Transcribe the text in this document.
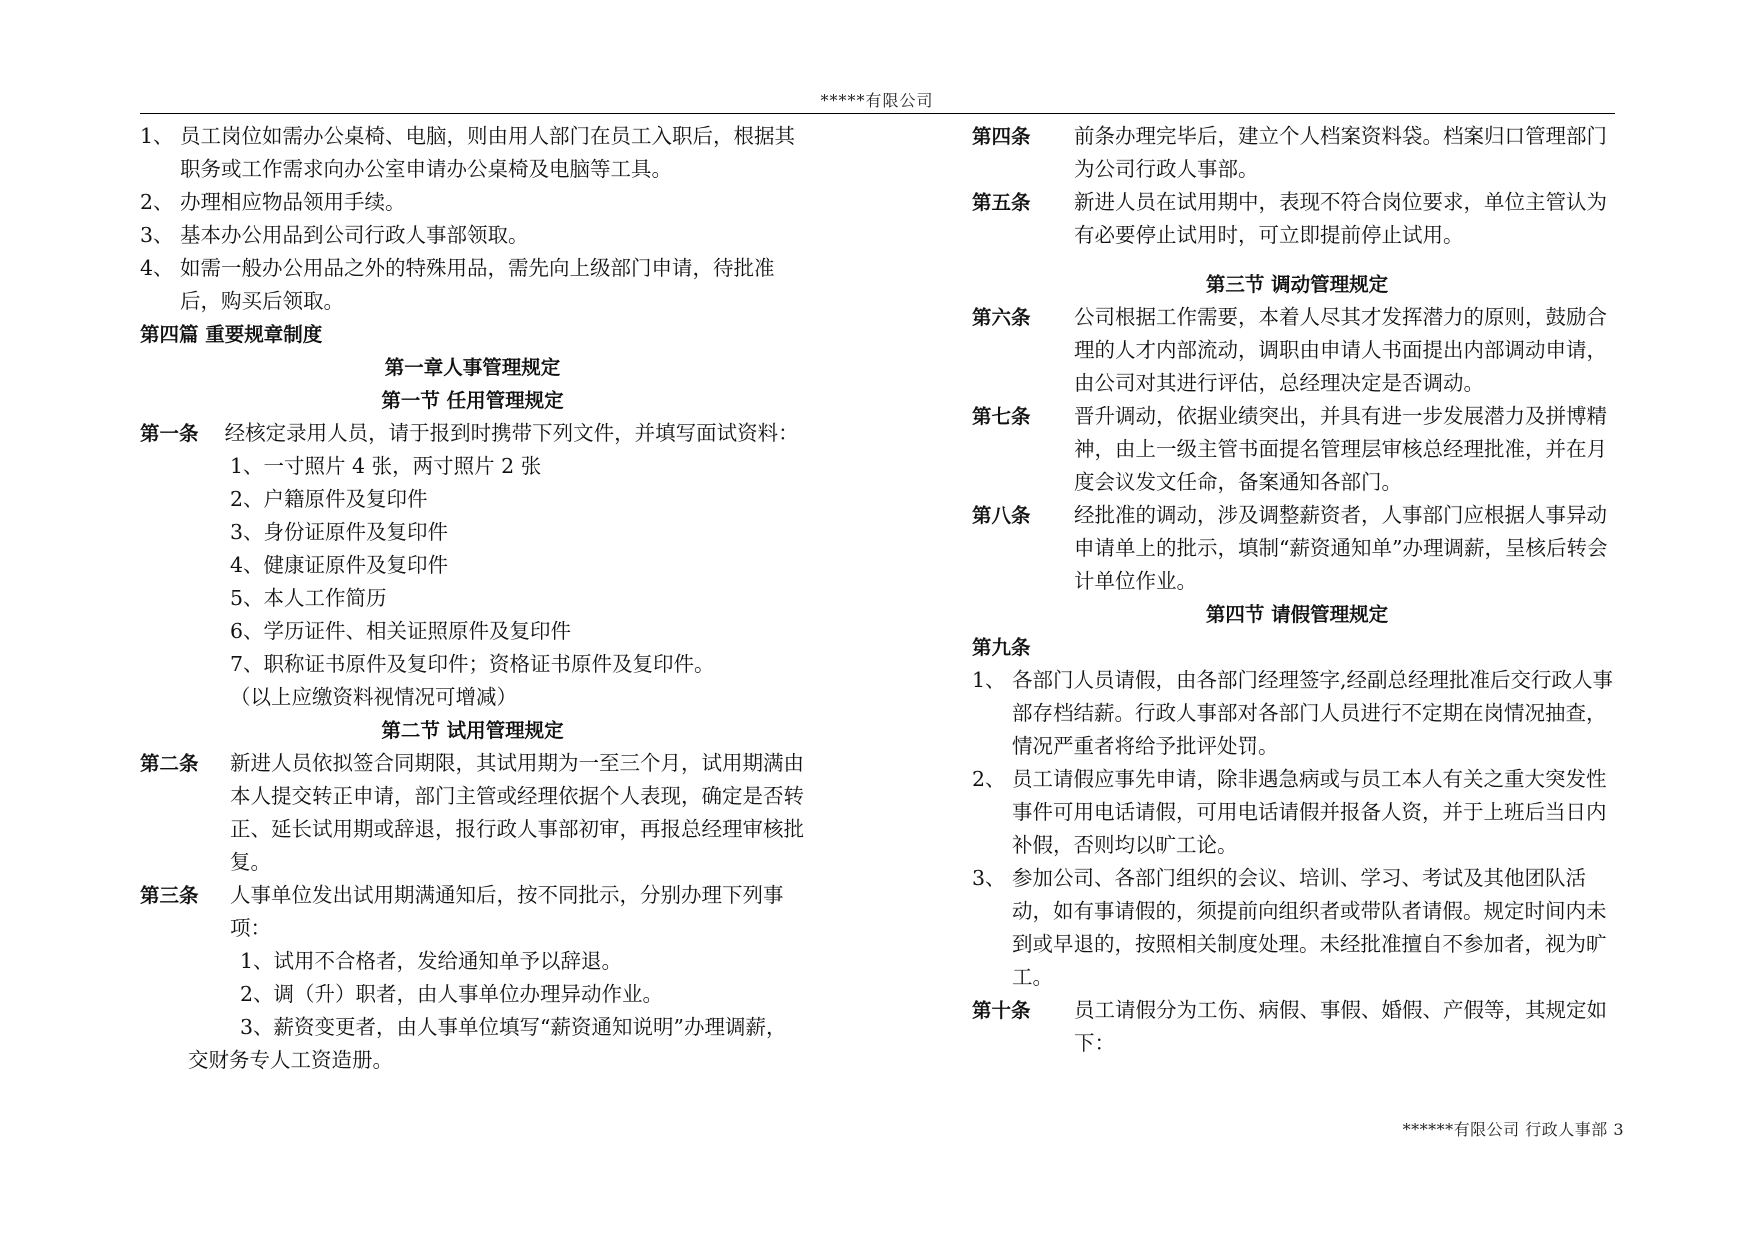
*****有限公司
1、 员工岗位如需办公桌椅、电脑，则由用人部门在员工入职后，根据其职务或工作需求向办公室申请办公桌椅及电脑等工具。
2、 办理相应物品领用手续。
3、 基本办公用品到公司行政人事部领取。
4、 如需一般办公用品之外的特殊用品，需先向上级部门申请，待批准后，购买后领取。
第四篇 重要规章制度
第一章人事管理规定
第一节 任用管理规定
第一条 经核定录用人员，请于报到时携带下列文件，并填写面试资料：
1、一寸照片 4 张，两寸照片 2 张
2、户籍原件及复印件
3、身份证原件及复印件
4、健康证原件及复印件
5、本人工作简历
6、学历证件、相关证照原件及复印件
7、职称证书原件及复印件；资格证书原件及复印件。
（以上应缴资料视情况可增减）
第二节 试用管理规定
第二条	新进人员依拟签合同期限，其试用期为一至三个月，试用期满由本人提交转正申请，部门主管或经理依据个人表现，确定是否转正、延长试用期或辞退，报行政人事部初审，再报总经理审核批复。
第三条	人事单位发出试用期满通知后，按不同批示，分别办理下列事项：
1、试用不合格者，发给通知单予以辞退。
2、调（升）职者，由人事单位办理异动作业。
3、薪资变更者，由人事单位填写“薪资通知说明”办理调薪，交财务专人工资造册。
第四条	前条办理完毕后，建立个人档案资料袋。档案归口管理部门为公司行政人事部。
第五条	新进人员在试用期中，表现不符合岗位要求，单位主管认为有必要停止试用时，可立即提前停止试用。
第三节 调动管理规定
第六条	公司根据工作需要，本着人尽其才发挥潜力的原则，鼓励合理的人才内部流动，调职由申请人书面提出内部调动申请，由公司对其进行评估，总经理决定是否调动。
第七条	晋升调动，依据业绩突出，并具有进一步发展潜力及拼博精神，由上一级主管书面提名管理层审核总经理批准，并在月度会议发文任命，备案通知各部门。
第八条	经批准的调动，涉及调整薪资者，人事部门应根据人事异动申请单上的批示，填制“薪资通知单”办理调薪，呈核后转会计单位作业。
第四节 请假管理规定
第九条
1、 各部门人员请假，由各部门经理签字,经副总经理批准后交行政人事部存档结薪。行政人事部对各部门人员进行不定期在岗情况抽查，情况严重者将给予批评处罚。
2、 员工请假应事先申请，除非遇急病或与员工本人有关之重大突发性事件可用电话请假，可用电话请假并报备人资，并于上班后当日内补假，否则均以旷工论。
3、 参加公司、各部门组织的会议、培训、学习、考试及其他团队活动，如有事请假的，须提前向组织者或带队者请假。规定时间内未到或早退的，按照相关制度处理。未经批准擅自不参加者，视为旷工。
第十条	员工请假分为工伤、病假、事假、婚假、产假等，其规定如下：
******有限公司 行政人事部 3
